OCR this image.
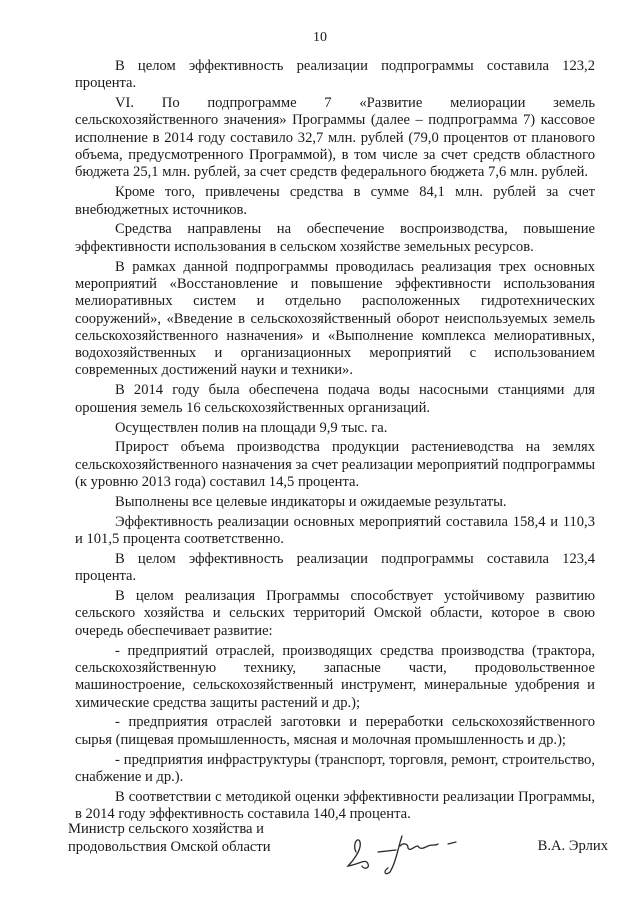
10

В целом эффективность реализации подпрограммы составила 123,2 процента.

VI. По подпрограмме 7 «Развитие мелиорации земель сельскохозяйственного значения» Программы (далее – подпрограмма 7) кассовое исполнение в 2014 году составило 32,7 млн. рублей (79,0 процентов от планового объема, предусмотренного Программой), в том числе за счет средств областного бюджета 25,1 млн. рублей, за счет средств федерального бюджета 7,6 млн. рублей.

Кроме того, привлечены средства в сумме 84,1 млн. рублей за счет внебюджетных источников.

Средства направлены на обеспечение воспроизводства, повышение эффективности использования в сельском хозяйстве земельных ресурсов.

В рамках данной подпрограммы проводилась реализация трех основных мероприятий «Восстановление и повышение эффективности использования мелиоративных систем и отдельно расположенных гидротехнических сооружений», «Введение в сельскохозяйственный оборот неиспользуемых земель сельскохозяйственного назначения» и «Выполнение комплекса мелиоративных, водохозяйственных и организационных мероприятий с использованием современных достижений науки и техники».

В 2014 году была обеспечена подача воды насосными станциями для орошения земель 16 сельскохозяйственных организаций.

Осуществлен полив на площади 9,9 тыс. га.

Прирост объема производства продукции растениеводства на землях сельскохозяйственного назначения за счет реализации мероприятий подпрограммы (к уровню 2013 года) составил 14,5 процента.

Выполнены все целевые индикаторы и ожидаемые результаты.

Эффективность реализации основных мероприятий составила 158,4 и 110,3 и 101,5 процента соответственно.

В целом эффективность реализации подпрограммы составила 123,4 процента.

В целом реализация Программы способствует устойчивому развитию сельского хозяйства и сельских территорий Омской области, которое в свою очередь обеспечивает развитие:

- предприятий отраслей, производящих средства производства (трактора, сельскохозяйственную технику, запасные части, продовольственное машиностроение, сельскохозяйственный инструмент, минеральные удобрения и химические средства защиты растений и др.);

- предприятия отраслей заготовки и переработки сельскохозяйственного сырья (пищевая промышленность, мясная и молочная промышленность и др.);

- предприятия инфраструктуры (транспорт, торговля, ремонт, строительство, снабжение и др.).

В соответствии с методикой оценки эффективности реализации Программы, в 2014 году эффективность составила 140,4 процента.

Министр сельского хозяйства и
продовольствия Омской области	В.А. Эрлих
